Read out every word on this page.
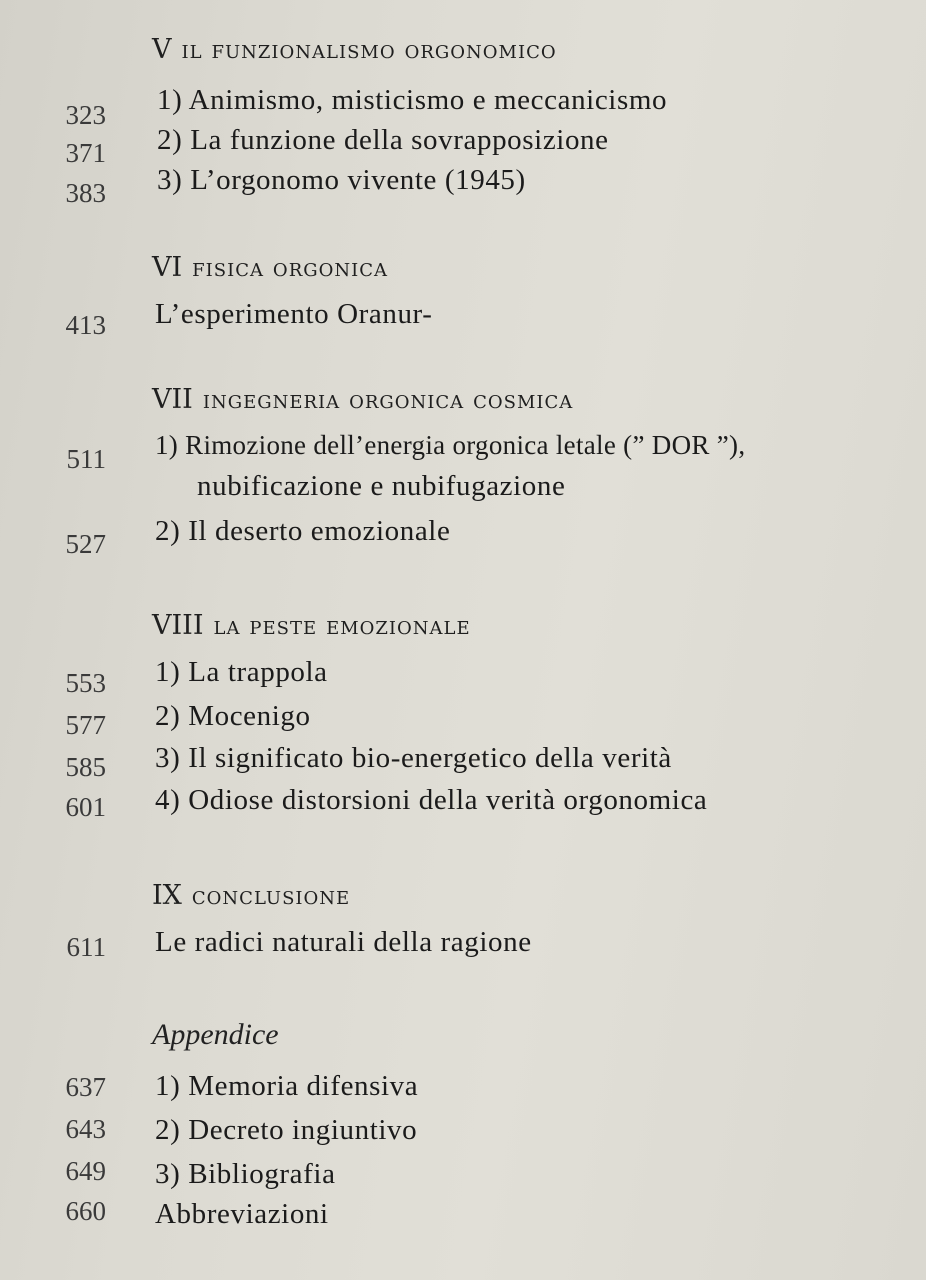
V il funzionalismo orgonomico
323 1) Animismo, misticismo e meccanicismo
371 2) La funzione della sovrapposizione
383 3) L’orgonomo vivente (1945)
VI fisica orgonica
413 L’esperimento Oranur-
VII ingegneria orgonica cosmica
511 1) Rimozione dell’energia orgonica letale (” DOR ”),
nubificazione e nubifugazione
527 2) Il deserto emozionale
VIII la peste emozionale
553 1) La trappola
577 2) Mocenigo
585 3) Il significato bio-energetico della verità
601 4) Odiose distorsioni della verità orgonomica
IX conclusione
611 Le radici naturali della ragione
Appendice
637 1) Memoria difensiva
643 2) Decreto ingiuntivo
649 3) Bibliografia
660 Abbreviazioni
